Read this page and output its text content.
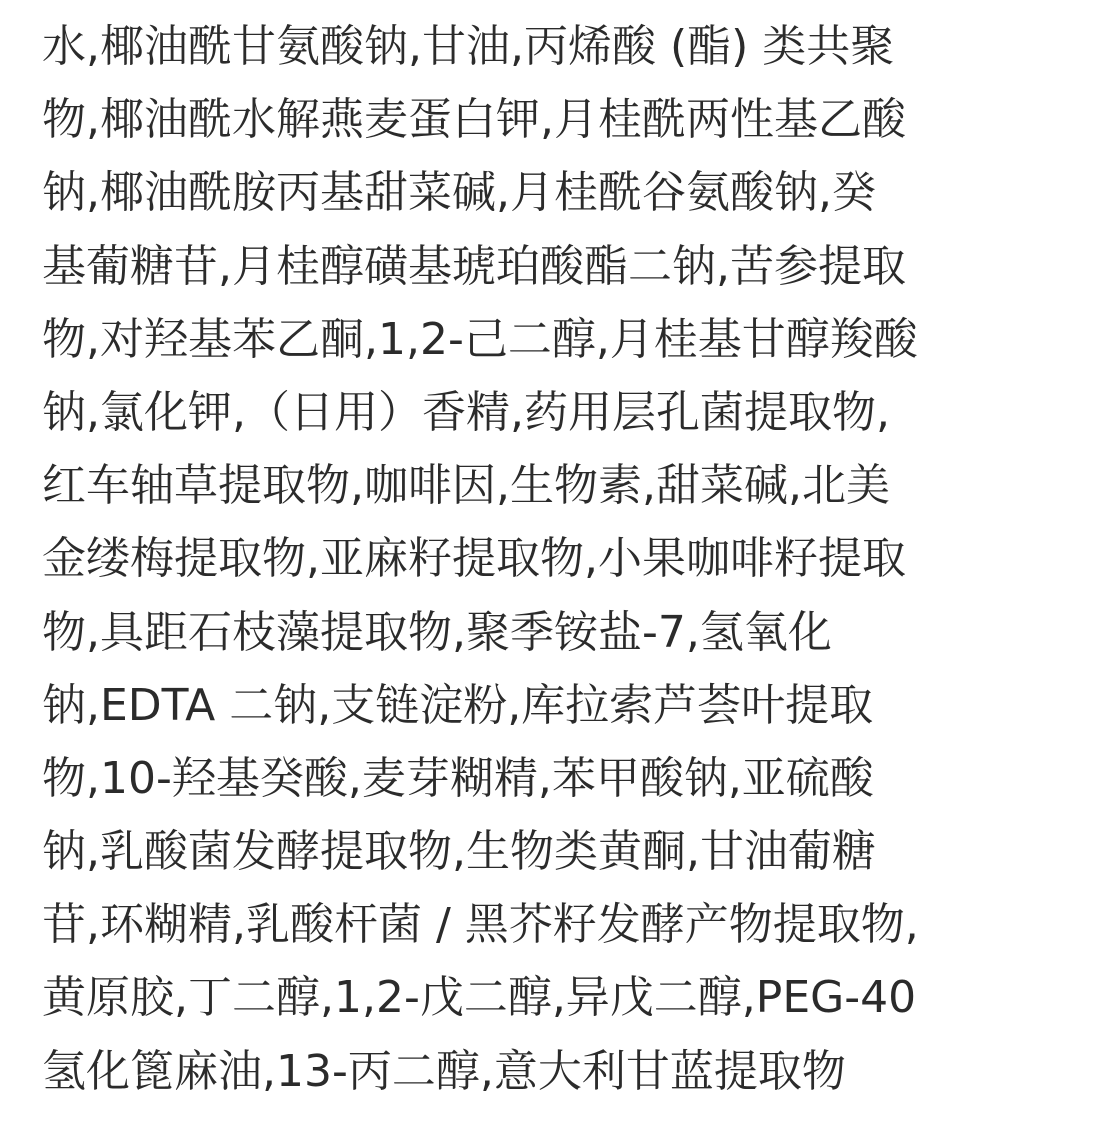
水,椰油酰甘氨酸钠,甘油,丙烯酸 (酯) 类共聚
物,椰油酰水解燕麦蛋白钾,月桂酰两性基乙酸
钠,椰油酰胺丙基甜菜碱,月桂酰谷氨酸钠,癸
基葡糖苷,月桂醇磺基琥珀酸酯二钠,苦参提取
物,对羟基苯乙酮,1,2-己二醇,月桂基甘醇羧酸
钠,氯化钾,（日用）香精,药用层孔菌提取物,
红车轴草提取物,咖啡因,生物素,甜菜碱,北美
金缕梅提取物,亚麻籽提取物,小果咖啡籽提取
物,具距石枝藻提取物,聚季铵盐-7,氢氧化
钠,EDTA 二钠,支链淀粉,库拉索芦荟叶提取
物,10-羟基癸酸,麦芽糊精,苯甲酸钠,亚硫酸
钠,乳酸菌发酵提取物,生物类黄酮,甘油葡糖
苷,环糊精,乳酸杆菌 / 黑芥籽发酵产物提取物,
黄原胶,丁二醇,1,2-戊二醇,异戊二醇,PEG-40
氢化篦麻油,13-丙二醇,意大利甘蓝提取物
